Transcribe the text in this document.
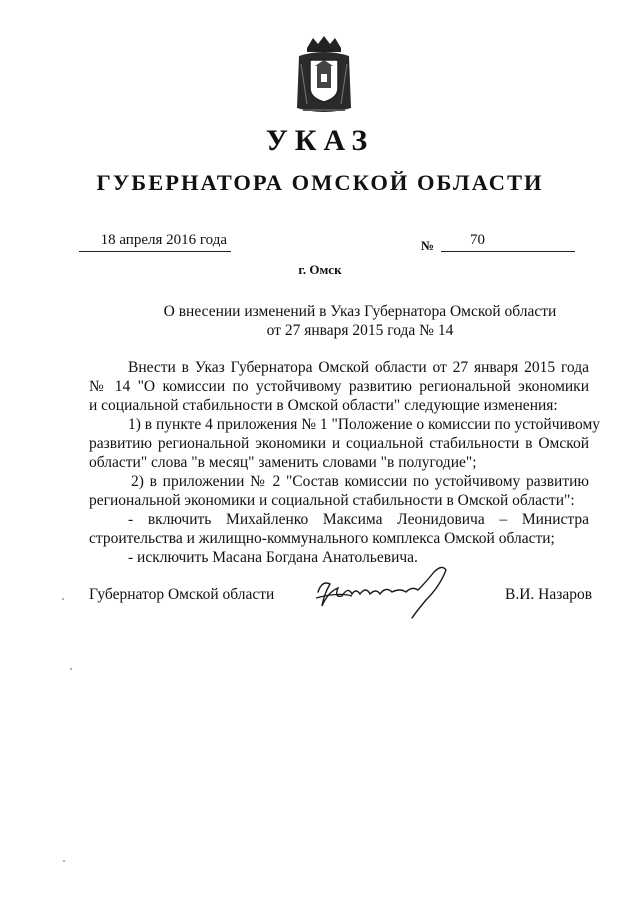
УКАЗ
ГУБЕРНАТОРА ОМСКОЙ ОБЛАСТИ
18 апреля 2016 года	№	70
г. Омск
О внесении изменений в Указ Губернатора Омской области
от 27 января 2015 года № 14
Внести в Указ Губернатора Омской области от 27 января 2015 года
№ 14 "О комиссии по устойчивому развитию региональной экономики
и социальной стабильности в Омской области" следующие изменения:
1) в пункте 4 приложения № 1 "Положение о комиссии по устойчивому
развитию региональной экономики и социальной стабильности в Омской
области" слова "в месяц" заменить словами "в полугодие";
2) в приложении № 2 "Состав комиссии по устойчивому развитию
региональной экономики и социальной стабильности в Омской области":
- включить Михайленко Максима Леонидовича – Министра
строительства и жилищно-коммунального комплекса Омской области;
- исключить Масана Богдана Анатольевича.
Губернатор Омской области	В.И. Назаров
